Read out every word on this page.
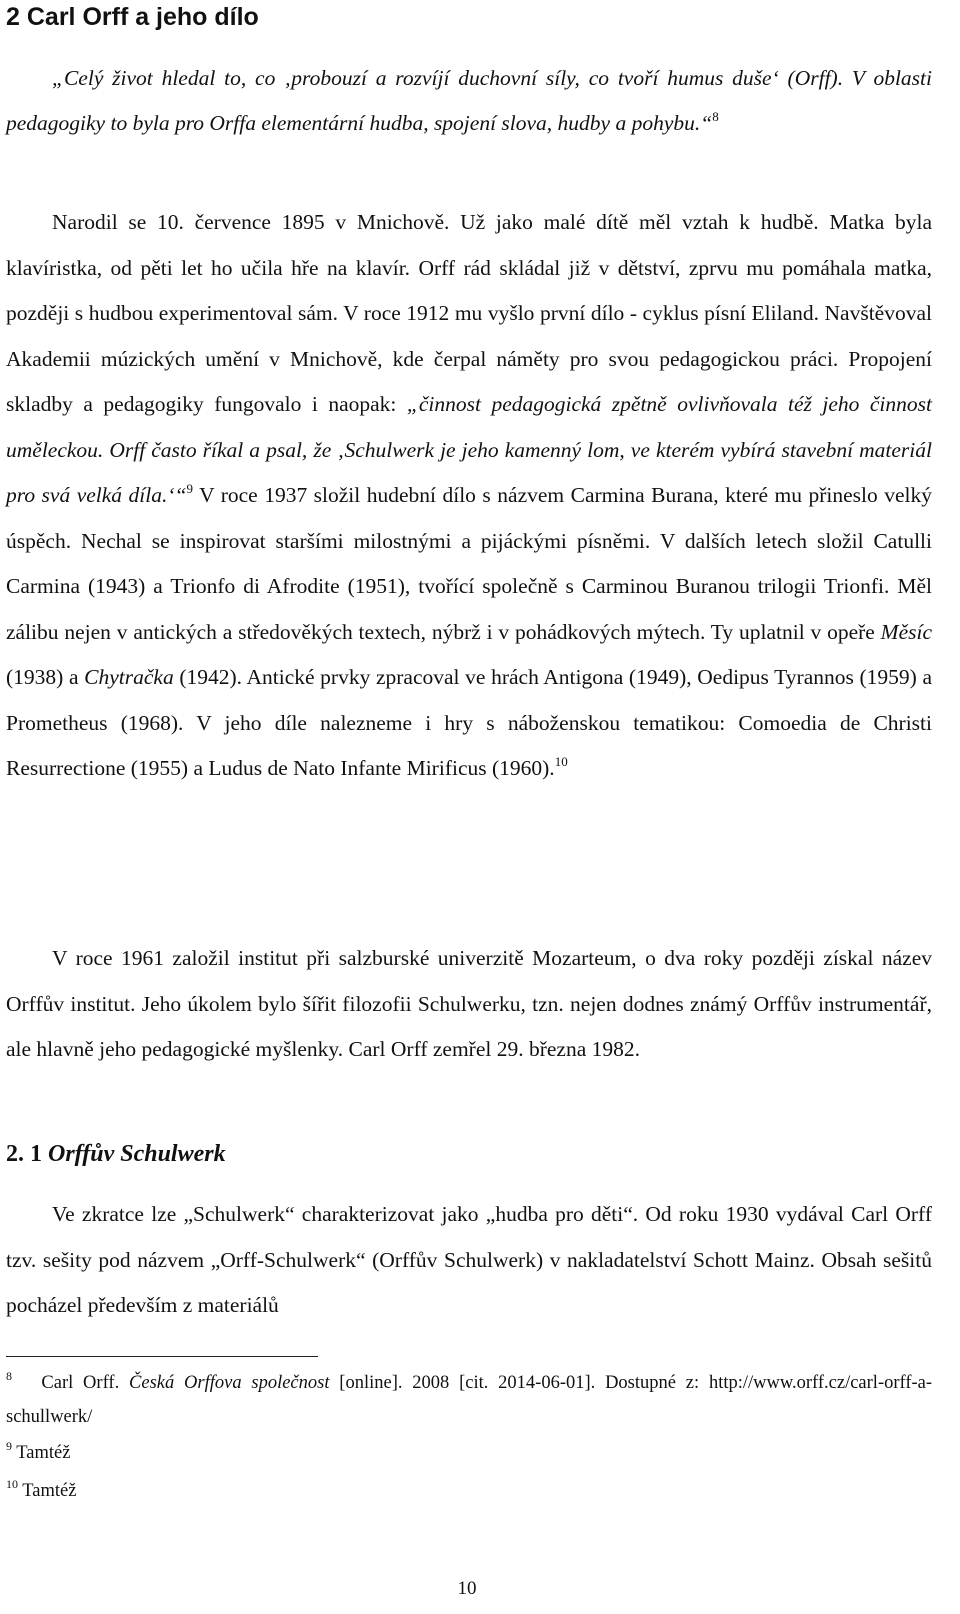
2 Carl Orff a jeho dílo

„Celý život hledal to, co ‚probouzí a rozvíjí duchovní síly, co tvoří humus duše‘ (Orff). V oblasti pedagogiky to byla pro Orffa elementární hudba, spojení slova, hudby a pohybu.“$^8$

Narodil se 10. července 1895 v Mnichově. Už jako malé dítě měl vztah k hudbě. Matka byla klavíristka, od pěti let ho učila hře na klavír. Orff rád skládal již v dětství, zprvu mu pomáhala matka, později s hudbou experimentoval sám. V roce 1912 mu vyšlo první dílo - cyklus písní Eliland. Navštěvoval Akademii múzických umění v Mnichově, kde čerpal náměty pro svou pedagogickou práci. Propojení skladby a pedagogiky fungovalo i naopak: „činnost pedagogická zpětně ovlivňovala též jeho činnost uměleckou. Orff často říkal a psal, že ‚Schulwerk je jeho kamenný lom, ve kterém vybírá stavební materiál pro svá velká díla.‘“$^9$ V roce 1937 složil hudební dílo s názvem Carmina Burana, které mu přineslo velký úspěch. Nechal se inspirovat staršími milostnými a pijáckými písněmi. V dalších letech složil Catulli Carmina (1943) a Trionfo di Afrodite (1951), tvořící společně s Carminou Buranou trilogii Trionfi. Měl zálibu nejen v antických a středověkých textech, nýbrž i v pohádkových mýtech. Ty uplatnil v opeře Měsíc (1938) a Chytračka (1942). Antické prvky zpracoval ve hrách Antigona (1949), Oedipus Tyrannos (1959) a Prometheus (1968). V jeho díle nalezneme i hry s náboženskou tematikou: Comoedia de Christi Resurrectione (1955) a Ludus de Nato Infante Mirificus (1960).$^{10}$

V roce 1961 založil institut při salzburské univerzitě Mozarteum, o dva roky později získal název Orffův institut. Jeho úkolem bylo šířit filozofii Schulwerku, tzn. nejen dodnes známý Orffův instrumentář, ale hlavně jeho pedagogické myšlenky. Carl Orff zemřel 29. března 1982.

2. 1 Orffův Schulwerk

Ve zkratce lze „Schulwerk“ charakterizovat jako „hudba pro děti“. Od roku 1930 vydával Carl Orff tzv. sešity pod názvem „Orff-Schulwerk“ (Orffův Schulwerk) v nakladatelství Schott Mainz. Obsah sešitů pocházel především z materiálů

$^8$ Carl Orff. Česká Orffova společnost [online]. 2008 [cit. 2014-06-01]. Dostupné z: http://www.orff.cz/carl-orff-a-schullwerk/

$^9$ Tamtéž

$^{10}$ Tamtéž

10
